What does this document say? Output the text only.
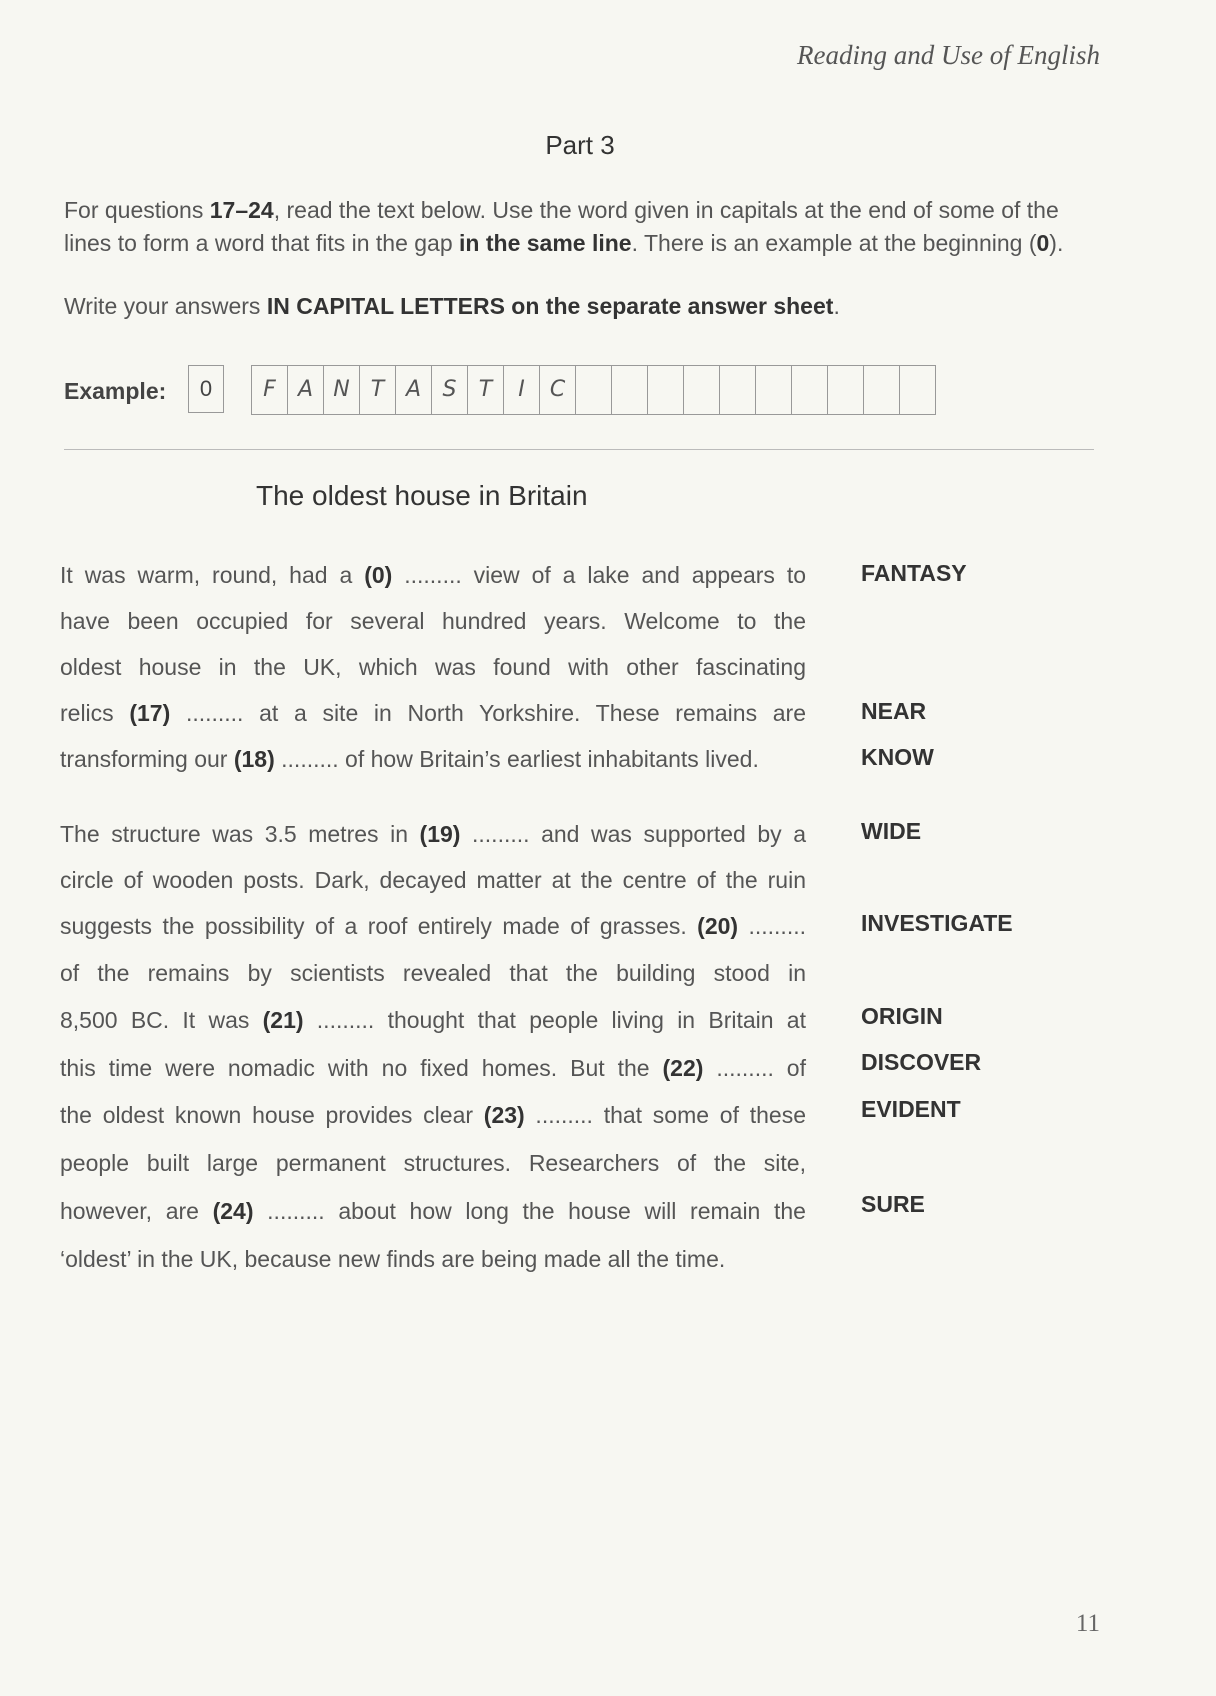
Reading and Use of English
Part 3
For questions 17–24, read the text below. Use the word given in capitals at the end of some of the
lines to form a word that fits in the gap in the same line. There is an example at the beginning (0).
Write your answers IN CAPITAL LETTERS on the separate answer sheet.
Example:	0	F	A N T A S	T	I	C
The oldest house in Britain
It was warm, round, had a (0) ......... view of a lake and appears to
have been occupied for several hundred years. Welcome to the
oldest house in the UK, which was found with other fascinating
relics (17) ......... at a site in North Yorkshire. These remains are
transforming our (18) ......... of how Britain’s earliest inhabitants lived.
The structure was 3.5 metres in (19) ......... and was supported by a
circle of wooden posts. Dark, decayed matter at the centre of the ruin
suggests the possibility of a roof entirely made of grasses. (20) .........
of the remains by scientists revealed that the building stood in
8,500 BC. It was (21) ......... thought that people living in Britain at
this time were nomadic with no fixed homes. But the (22) ......... of
the oldest known house provides clear (23) ......... that some of these
people built large permanent structures. Researchers of the site,
however, are (24) ......... about how long the house will remain the
‘oldest’ in the UK, because new finds are being made all the time.
FANTASY
NEAR
KNOW
WIDE
INVESTIGATE
ORIGIN
DISCOVER
EVIDENT
SURE
11
